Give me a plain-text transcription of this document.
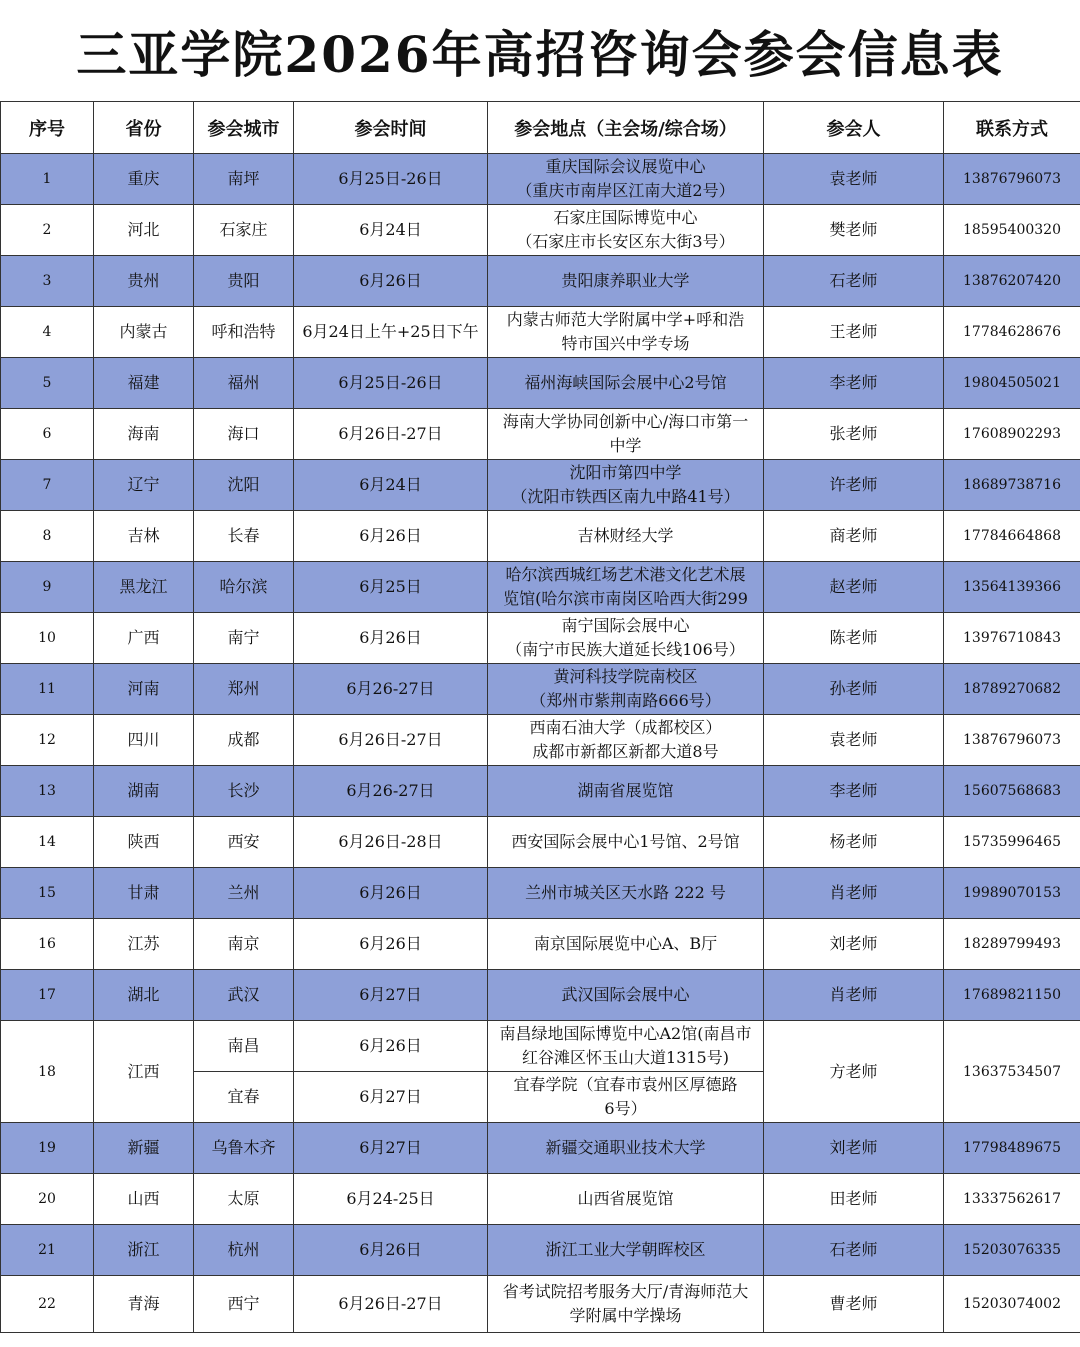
三亚学院2026年高招咨询会参会信息表
序号	省份	参会城市	参会时间	参会地点（主会场/综合场）	参会人	联系方式
1	重庆	南坪	6月25日-26日	重庆国际会议展览中心
（重庆市南岸区江南大道2号）	袁老师	13876796073
2	河北	石家庄	6月24日	石家庄国际博览中心
（石家庄市长安区东大街3号）	樊老师	18595400320
3	贵州	贵阳	6月26日	贵阳康养职业大学	石老师	13876207420
4	内蒙古	呼和浩特	6月24日上午+25日下午	内蒙古师范大学附属中学+呼和浩
特市国兴中学专场	王老师	17784628676
5	福建	福州	6月25日-26日	福州海峡国际会展中心2号馆	李老师	19804505021
6	海南	海口	6月26日-27日	海南大学协同创新中心/海口市第一
中学	张老师	17608902293
7	辽宁	沈阳	6月24日	沈阳市第四中学
（沈阳市铁西区南九中路41号）	许老师	18689738716
8	吉林	长春	6月26日	吉林财经大学	商老师	17784664868
9	黑龙江	哈尔滨	6月25日	哈尔滨西城红场艺术港文化艺术展
览馆(哈尔滨市南岗区哈西大街299	赵老师	13564139366
10	广西	南宁	6月26日	南宁国际会展中心
（南宁市民族大道延长线106号）	陈老师	13976710843
11	河南	郑州	6月26-27日	黄河科技学院南校区
（郑州市紫荆南路666号）	孙老师	18789270682
12	四川	成都	6月26日-27日	西南石油大学（成都校区）
成都市新都区新都大道8号	袁老师	13876796073
13	湖南	长沙	6月26-27日	湖南省展览馆	李老师	15607568683
14	陕西	西安	6月26日-28日	西安国际会展中心1号馆、2号馆	杨老师	15735996465
15	甘肃	兰州	6月26日	兰州市城关区天水路 222 号	肖老师	19989070153
16	江苏	南京	6月26日	南京国际展览中心A、B厅	刘老师	18289799493
17	湖北	武汉	6月27日	武汉国际会展中心	肖老师	17689821150
18	江西	南昌	6月26日	南昌绿地国际博览中心A2馆(南昌市
红谷滩区怀玉山大道1315号)	方老师	13637534507
		宜春	6月27日	宜春学院（宜春市袁州区厚德路
6号）		

19	新疆	乌鲁木齐	6月27日	新疆交通职业技术大学	刘老师	17798489675
20	山西	太原	6月24-25日	山西省展览馆	田老师	13337562617
21	浙江	杭州	6月26日	浙江工业大学朝晖校区	石老师	15203076335
22	青海	西宁	6月26日-27日	省考试院招考服务大厅/青海师范大
学附属中学操场	曹老师	15203074002
